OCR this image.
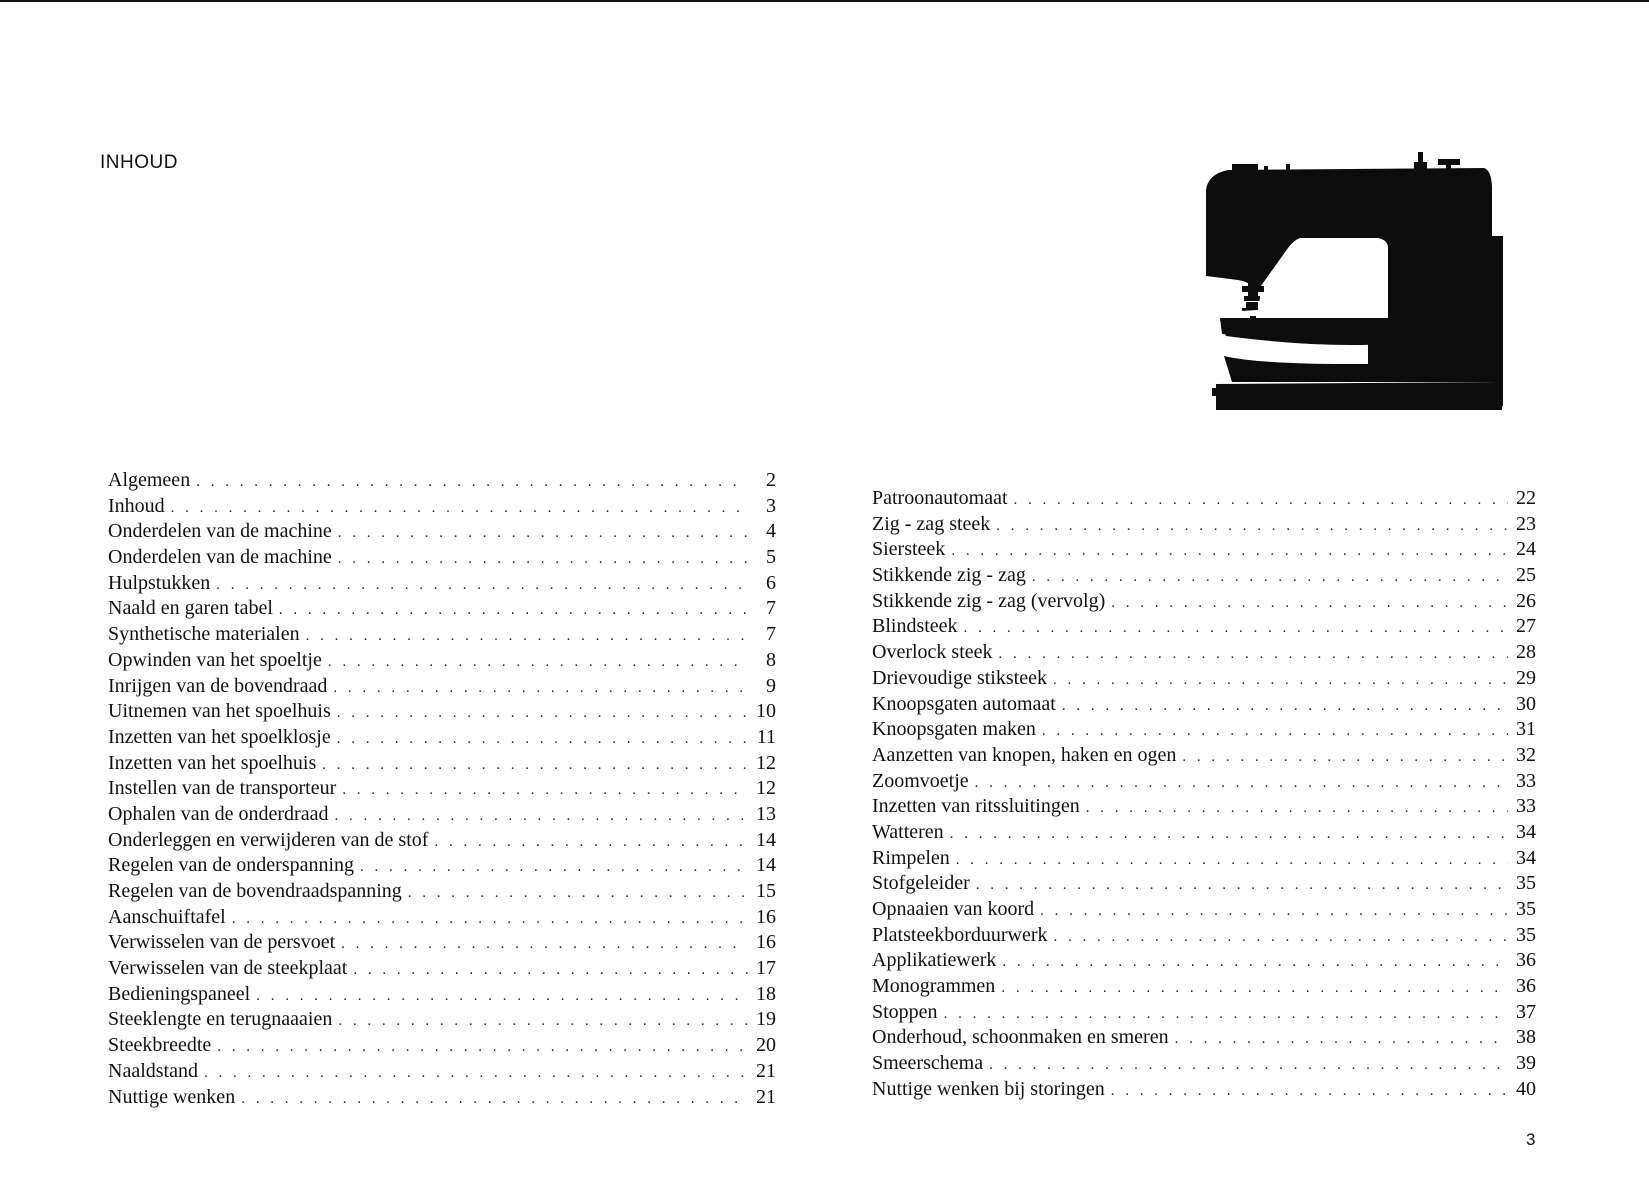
INHOUD
Algemeen . . .	2
Inhoud . . .	3
Onderdelen van de machine . . .	4
Onderdelen van de machine . . .	5
Hulpstukken . . .	6
Naald en garen tabel . . .	7
Synthetische materialen . . .	7
Opwinden van het spoeltje . . .	8
Inrijgen van de bovendraad . . .	9
Uitnemen van het spoelhuis . . .	10
Inzetten van het spoelklosje . . .	11
Inzetten van het spoelhuis . . .	12
Instellen van de transporteur . . .	12
Ophalen van de onderdraad . . .	13
Onderleggen en verwijderen van de stof . . .	14
Regelen van de onderspanning . . .	14
Regelen van de bovendraadspanning . . .	15
Aanschuiftafel . . .	16
Verwisselen van de persvoet . . .	16
Verwisselen van de steekplaat . . .	17
Bedieningspaneel . . .	18
Steeklengte en terugnaaaien . . .	19
Steekbreedte . . .	20
Naaldstand . . .	21
Nuttige wenken . . .	21
Patroonautomaat . . .	22
Zig - zag steek . . .	23
Siersteek . . .	24
Stikkende zig - zag . . .	25
Stikkende zig - zag (vervolg) . . .	26
Blindsteek . . .	27
Overlock steek . . .	28
Drievoudige stiksteek . . .	29
Knoopsgaten automaat . . .	30
Knoopsgaten maken . . .	31
Aanzetten van knopen, haken en ogen . . .	32
Zoomvoetje . . .	33
Inzetten van ritssluitingen . . .	33
Watteren . . .	34
Rimpelen . . .	34
Stofgeleider . . .	35
Opnaaien van koord . . .	35
Platsteekborduurwerk . . .	35
Applikatiewerk . . .	36
Monogrammen . . .	36
Stoppen . . .	37
Onderhoud, schoonmaken en smeren . . .	38
Smeerschema . . .	39
Nuttige wenken bij storingen . . .	40
3
